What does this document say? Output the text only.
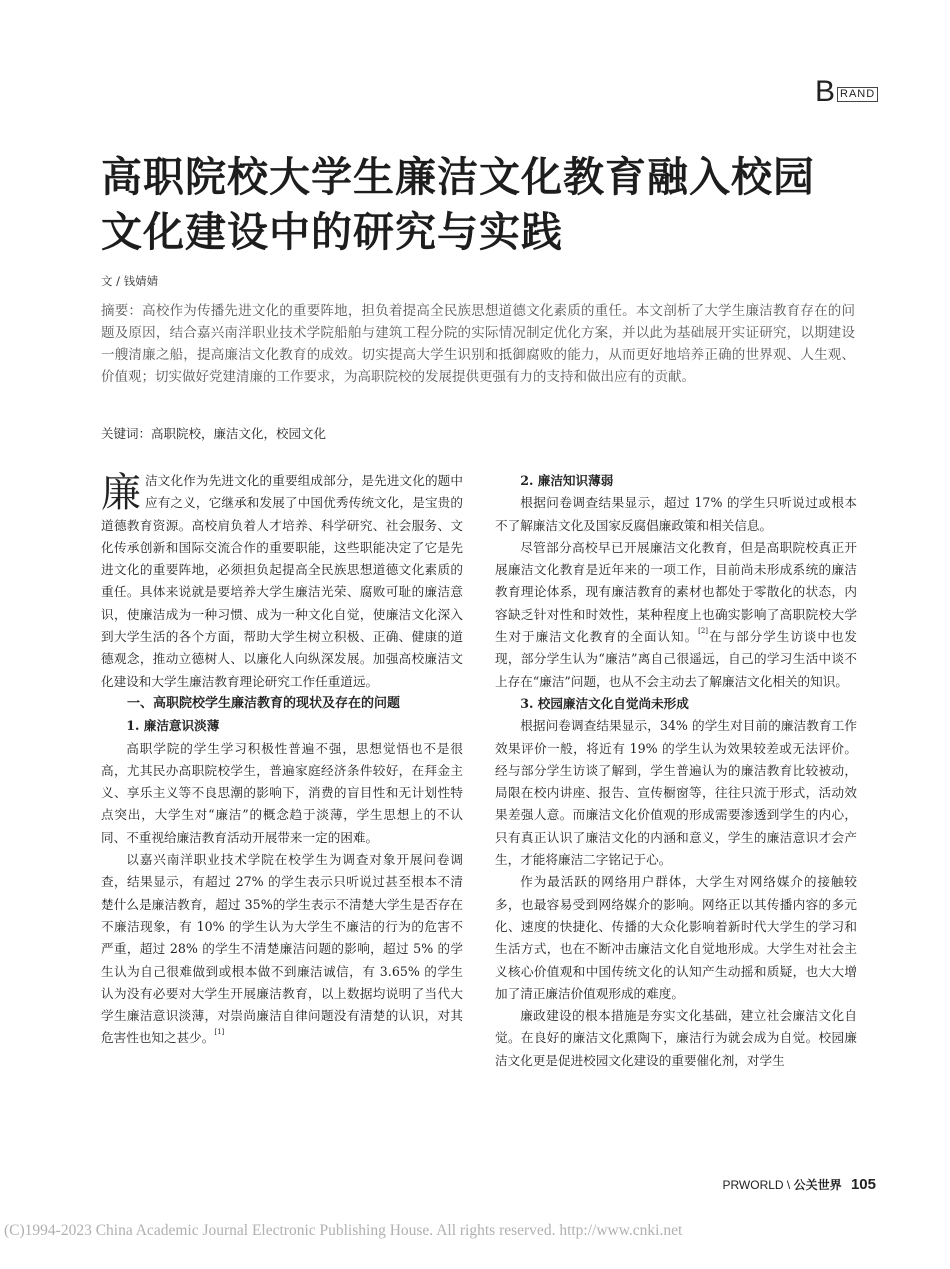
B RAND
高职院校大学生廉洁文化教育融入校园
文化建设中的研究与实践
文 / 钱婧婧
摘要：高校作为传播先进文化的重要阵地，担负着提高全民族思想道德文化素质的重任。本文剖析了大学生廉洁教育存在的问题及原因，结合嘉兴南洋职业技术学院船舶与建筑工程分院的实际情况制定优化方案，并以此为基础展开实证研究，以期建设一艘清廉之船，提高廉洁文化教育的成效。切实提高大学生识别和抵御腐败的能力，从而更好地培养正确的世界观、人生观、价值观；切实做好党建清廉的工作要求，为高职院校的发展提供更强有力的支持和做出应有的贡献。
关键词：高职院校，廉洁文化，校园文化

廉洁文化作为先进文化的重要组成部分，是先进文化的题中应有之义，它继承和发展了中国优秀传统文化，是宝贵的道德教育资源。高校肩负着人才培养、科学研究、社会服务、文化传承创新和国际交流合作的重要职能，这些职能决定了它是先进文化的重要阵地，必须担负起提高全民族思想道德文化素质的重任。具体来说就是要培养大学生廉洁光荣、腐败可耻的廉洁意识，使廉洁成为一种习惯、成为一种文化自觉，使廉洁文化深入到大学生活的各个方面，帮助大学生树立积极、正确、健康的道德观念，推动立德树人、以廉化人向纵深发展。加强高校廉洁文化建设和大学生廉洁教育理论研究工作任重道远。

一、高职院校学生廉洁教育的现状及存在的问题

1. 廉洁意识淡薄

高职学院的学生学习积极性普遍不强，思想觉悟也不是很高，尤其民办高职院校学生，普遍家庭经济条件较好，在拜金主义、享乐主义等不良思潮的影响下，消费的盲目性和无计划性特点突出，大学生对“廉洁”的概念趋于淡薄，学生思想上的不认同、不重视给廉洁教育活动开展带来一定的困难。

以嘉兴南洋职业技术学院在校学生为调查对象开展问卷调查，结果显示，有超过 27% 的学生表示只听说过甚至根本不清楚什么是廉洁教育，超过 35%的学生表示不清楚大学生是否存在不廉洁现象，有 10% 的学生认为大学生不廉洁的行为的危害不严重，超过 28% 的学生不清楚廉洁问题的影响，超过 5% 的学生认为自己很难做到或根本做不到廉洁诚信，有 3.65% 的学生认为没有必要对大学生开展廉洁教育，以上数据均说明了当代大学生廉洁意识淡薄，对崇尚廉洁自律问题没有清楚的认识，对其危害性也知之甚少。[1]

2. 廉洁知识薄弱

根据问卷调查结果显示，超过 17% 的学生只听说过或根本不了解廉洁文化及国家反腐倡廉政策和相关信息。

尽管部分高校早已开展廉洁文化教育，但是高职院校真正开展廉洁文化教育是近年来的一项工作，目前尚未形成系统的廉洁教育理论体系，现有廉洁教育的素材也都处于零散化的状态，内容缺乏针对性和时效性，某种程度上也确实影响了高职院校大学生对于廉洁文化教育的全面认知。[2]在与部分学生访谈中也发现，部分学生认为“廉洁”离自己很遥远，自己的学习生活中谈不上存在“廉洁”问题，也从不会主动去了解廉洁文化相关的知识。

3. 校园廉洁文化自觉尚未形成

根据问卷调查结果显示，34% 的学生对目前的廉洁教育工作效果评价一般，将近有 19% 的学生认为效果较差或无法评价。经与部分学生访谈了解到，学生普遍认为的廉洁教育比较被动，局限在校内讲座、报告、宣传橱窗等，往往只流于形式，活动效果差强人意。而廉洁文化价值观的形成需要渗透到学生的内心，只有真正认识了廉洁文化的内涵和意义，学生的廉洁意识才会产生，才能将廉洁二字铭记于心。

作为最活跃的网络用户群体，大学生对网络媒介的接触较多，也最容易受到网络媒介的影响。网络正以其传播内容的多元化、速度的快捷化、传播的大众化影响着新时代大学生的学习和生活方式，也在不断冲击廉洁文化自觉地形成。大学生对社会主义核心价值观和中国传统文化的认知产生动摇和质疑，也大大增加了清正廉洁价值观形成的难度。

廉政建设的根本措施是夯实文化基础，建立社会廉洁文化自觉。在良好的廉洁文化熏陶下，廉洁行为就会成为自觉。校园廉洁文化更是促进校园文化建设的重要催化剂，对学生

PRWORLD \ 公关世界 105
(C)1994-2023 China Academic Journal Electronic Publishing House. All rights reserved. http://www.cnki.net
